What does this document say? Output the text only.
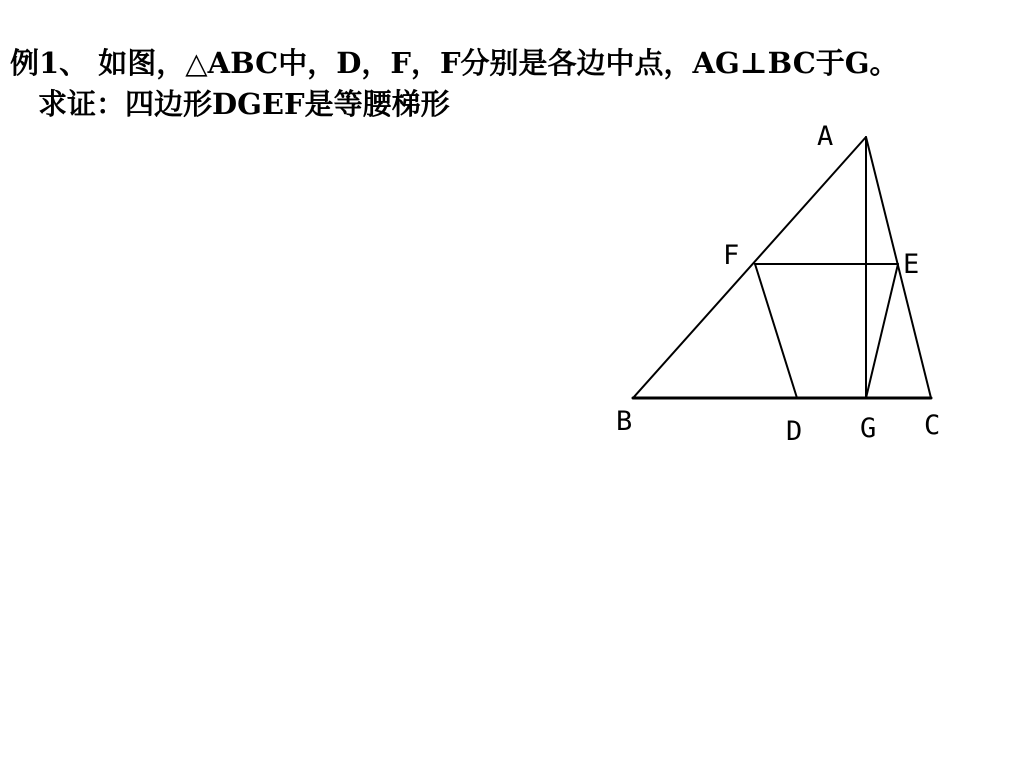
例1、 如图，△ABC中，D，F，F分别是各边中点，AG⊥BC于G。
求证：四边形DGEF是等腰梯形
A
F	E
B	D G C
